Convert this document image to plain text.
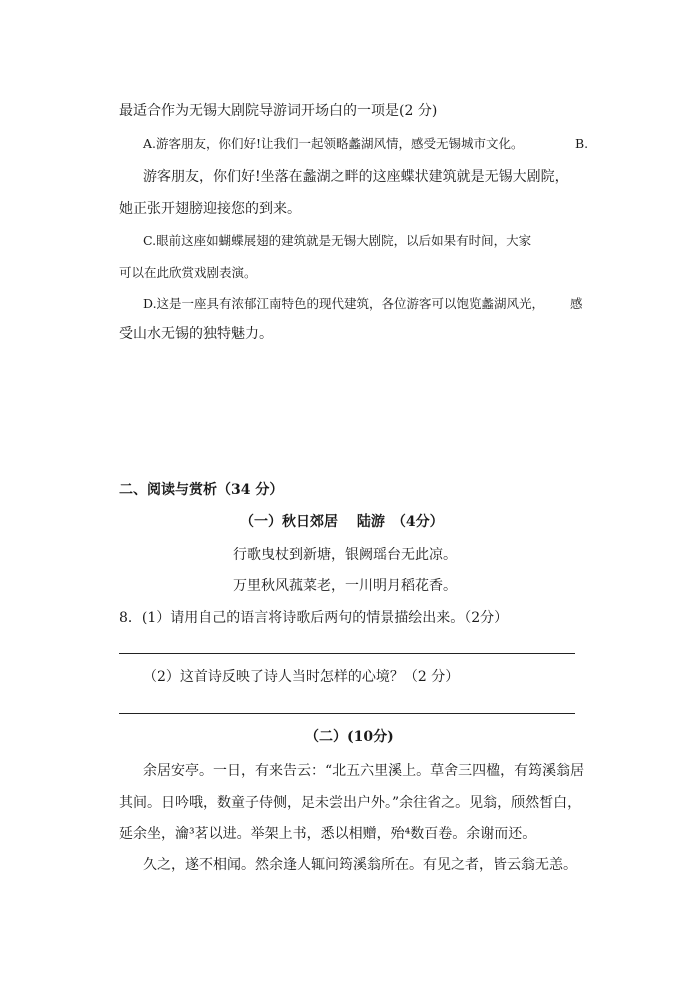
最适合作为无锡大剧院导游词开场白的一项是(2 分)
A.游客朋友，你们好!让我们一起领略蠡湖风情，感受无锡城市文化。	B.
游客朋友，你们好!坐落在蠡湖之畔的这座蝶状建筑就是无锡大剧院，
她正张开翅膀迎接您的到来。
C.眼前这座如蝴蝶展翅的建筑就是无锡大剧院，以后如果有时间，大家
可以在此欣赏戏剧表演。
D.这是一座具有浓郁江南特色的现代建筑，各位游客可以饱览蠡湖风光， 感
受山水无锡的独特魅力。
二、阅读与赏析（34 分）
（一）秋日郊居　 陆游　（4分）
行歌曳杖到新塘，银阙瑶台无此凉。
万里秋风菰菜老，一川明月稻花香。
8．(1）请用自己的语言将诗歌后两句的情景描绘出来。（2分）
（2）这首诗反映了诗人当时怎样的心境？（2 分）
（二）(10分)
余居安亭。一日，有来告云：“北五六里溪上。草舍三四楹，有筠溪翁居
其间。日吟哦，数童子侍侧，足未尝出户外。”余往省之。见翁，颀然皙白，
延余坐，瀹³茗以进。举架上书，悉以相赠，殆⁴数百卷。余谢而还。
久之，遂不相闻。然余逢人辄问筠溪翁所在。有见之者，皆云翁无恙。
